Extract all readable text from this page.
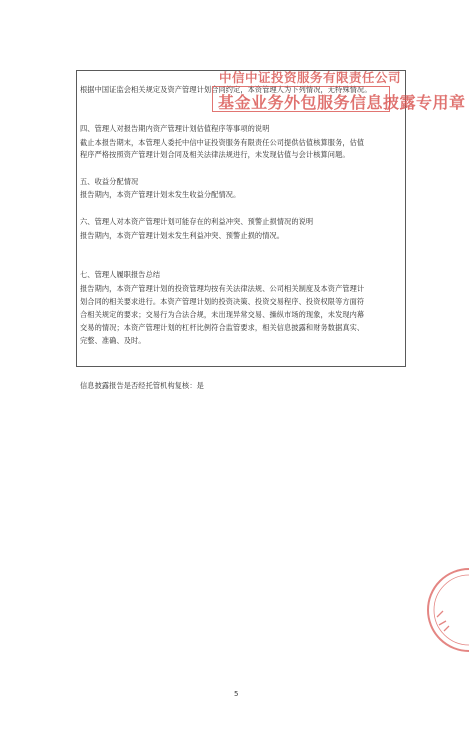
根据中国证监会相关规定及资产管理计划合同约定，本资管理人为下列情况，无特殊情况。
四、管理人对报告期内资产管理计划估值程序等事项的说明
截止本报告期末，本管理人委托中信中证投资服务有限责任公司提供估值核算服务，估值
程序严格按照资产管理计划合同及相关法律法规进行，未发现估值与会计核算问题。
五、收益分配情况
报告期内，本资产管理计划未发生收益分配情况。
六、管理人对本资产管理计划可能存在的利益冲突、预警止损情况的说明
报告期内，本资产管理计划未发生利益冲突、预警止损的情况。
七、管理人履职报告总结
报告期内，本资产管理计划的投资管理均按有关法律法规、公司相关制度及本资产管理计
划合同的相关要求进行。本资产管理计划的投资决策、投资交易程序、投资权限等方面符
合相关规定的要求；交易行为合法合规，未出现异常交易、操纵市场的现象，未发现内幕
交易的情况；本资产管理计划的杠杆比例符合监管要求，相关信息披露和财务数据真实、
完整、准确、及时。
信息披露报告是否经托管机构复核：是
中信中证投资服务有限责任公司
基金业务外包服务信息披露专用章
5
